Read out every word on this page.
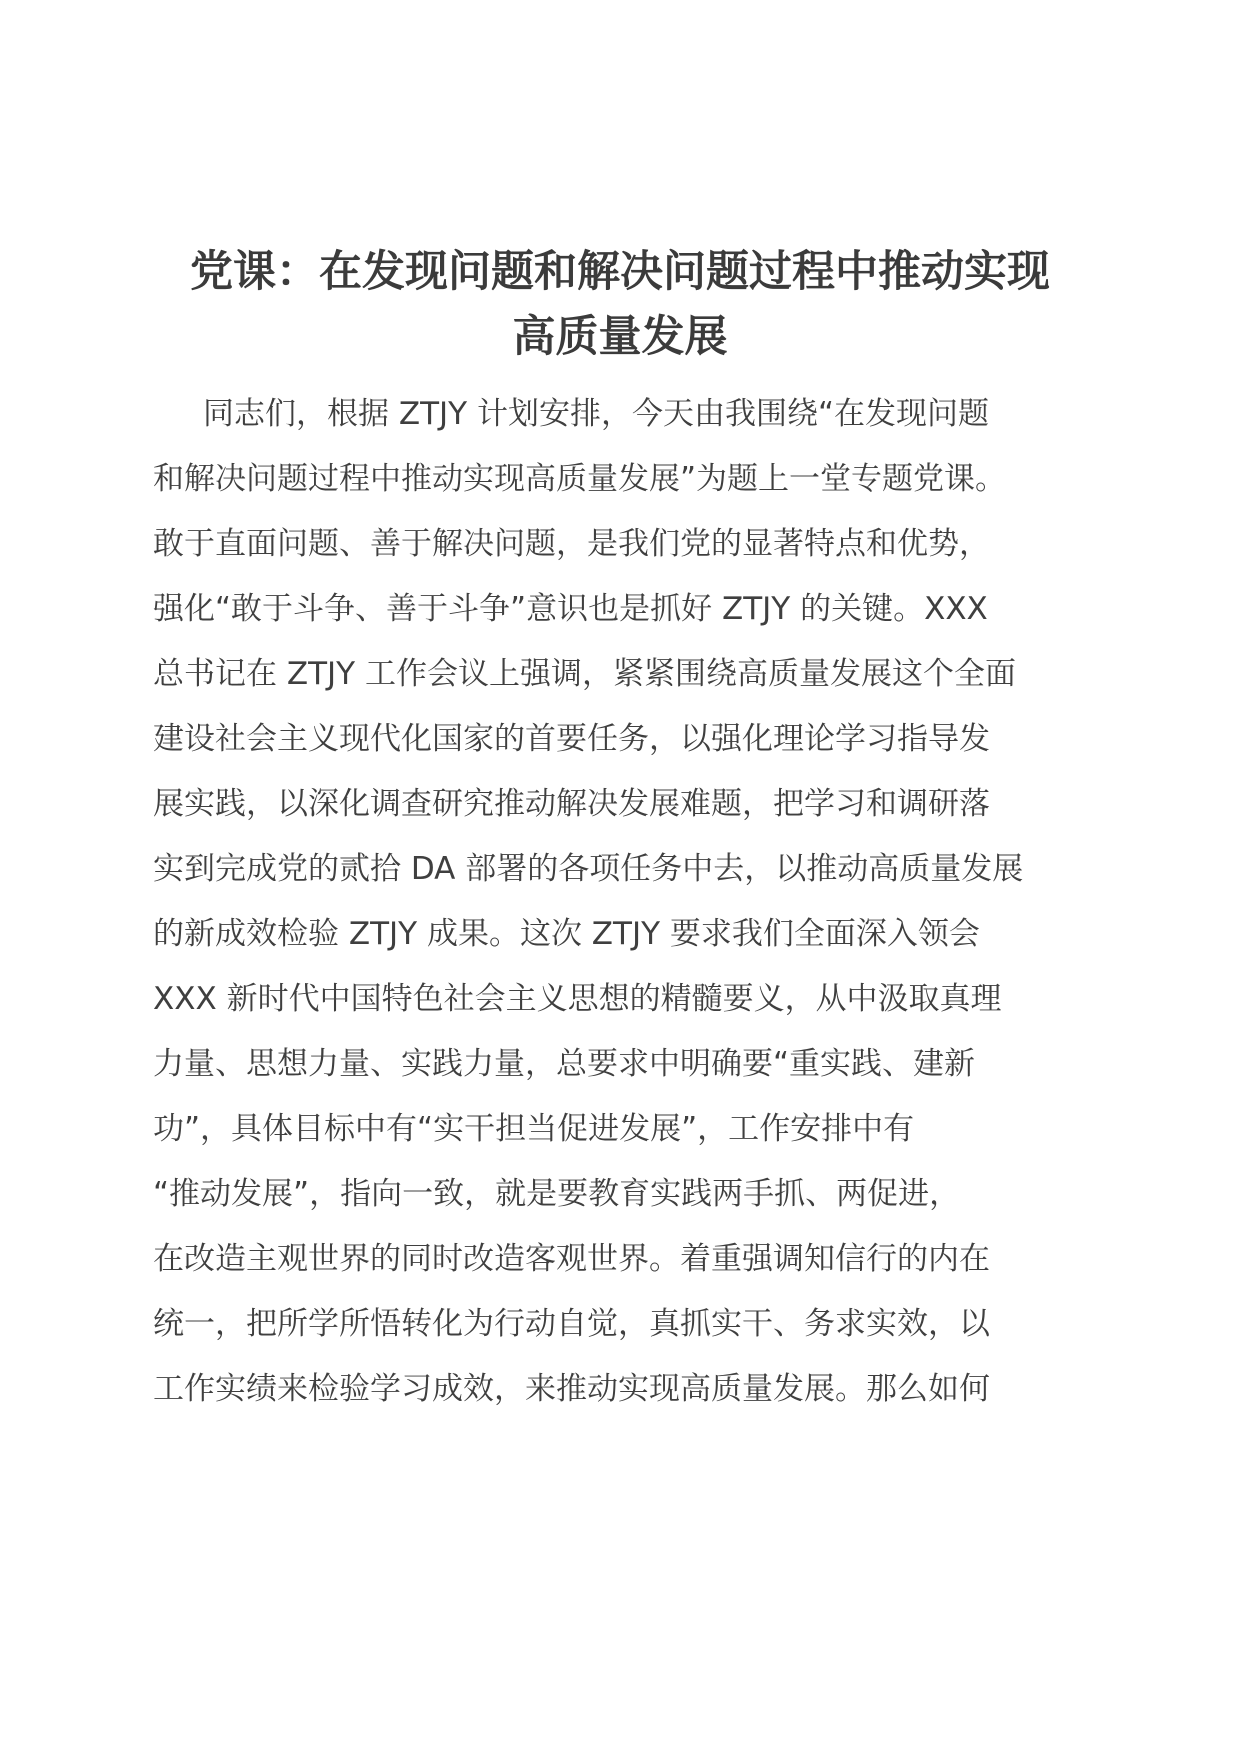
党课：在发现问题和解决问题过程中推动实现
高质量发展
同志们，根据 ZTJY 计划安排，今天由我围绕“在发现问题
和解决问题过程中推动实现高质量发展”为题上一堂专题党课。
敢于直面问题、善于解决问题，是我们党的显著特点和优势，
强化“敢于斗争、善于斗争”意识也是抓好 ZTJY 的关键。XXX
总书记在 ZTJY 工作会议上强调，紧紧围绕高质量发展这个全面
建设社会主义现代化国家的首要任务，以强化理论学习指导发
展实践，以深化调查研究推动解决发展难题，把学习和调研落
实到完成党的贰拾 DA 部署的各项任务中去，以推动高质量发展
的新成效检验 ZTJY 成果。这次 ZTJY 要求我们全面深入领会
XXX 新时代中国特色社会主义思想的精髓要义，从中汲取真理
力量、思想力量、实践力量，总要求中明确要“重实践、建新
功”，具体目标中有“实干担当促进发展”，工作安排中有
“推动发展”，指向一致，就是要教育实践两手抓、两促进，
在改造主观世界的同时改造客观世界。着重强调知信行的内在
统一，把所学所悟转化为行动自觉，真抓实干、务求实效，以
工作实绩来检验学习成效，来推动实现高质量发展。那么如何
